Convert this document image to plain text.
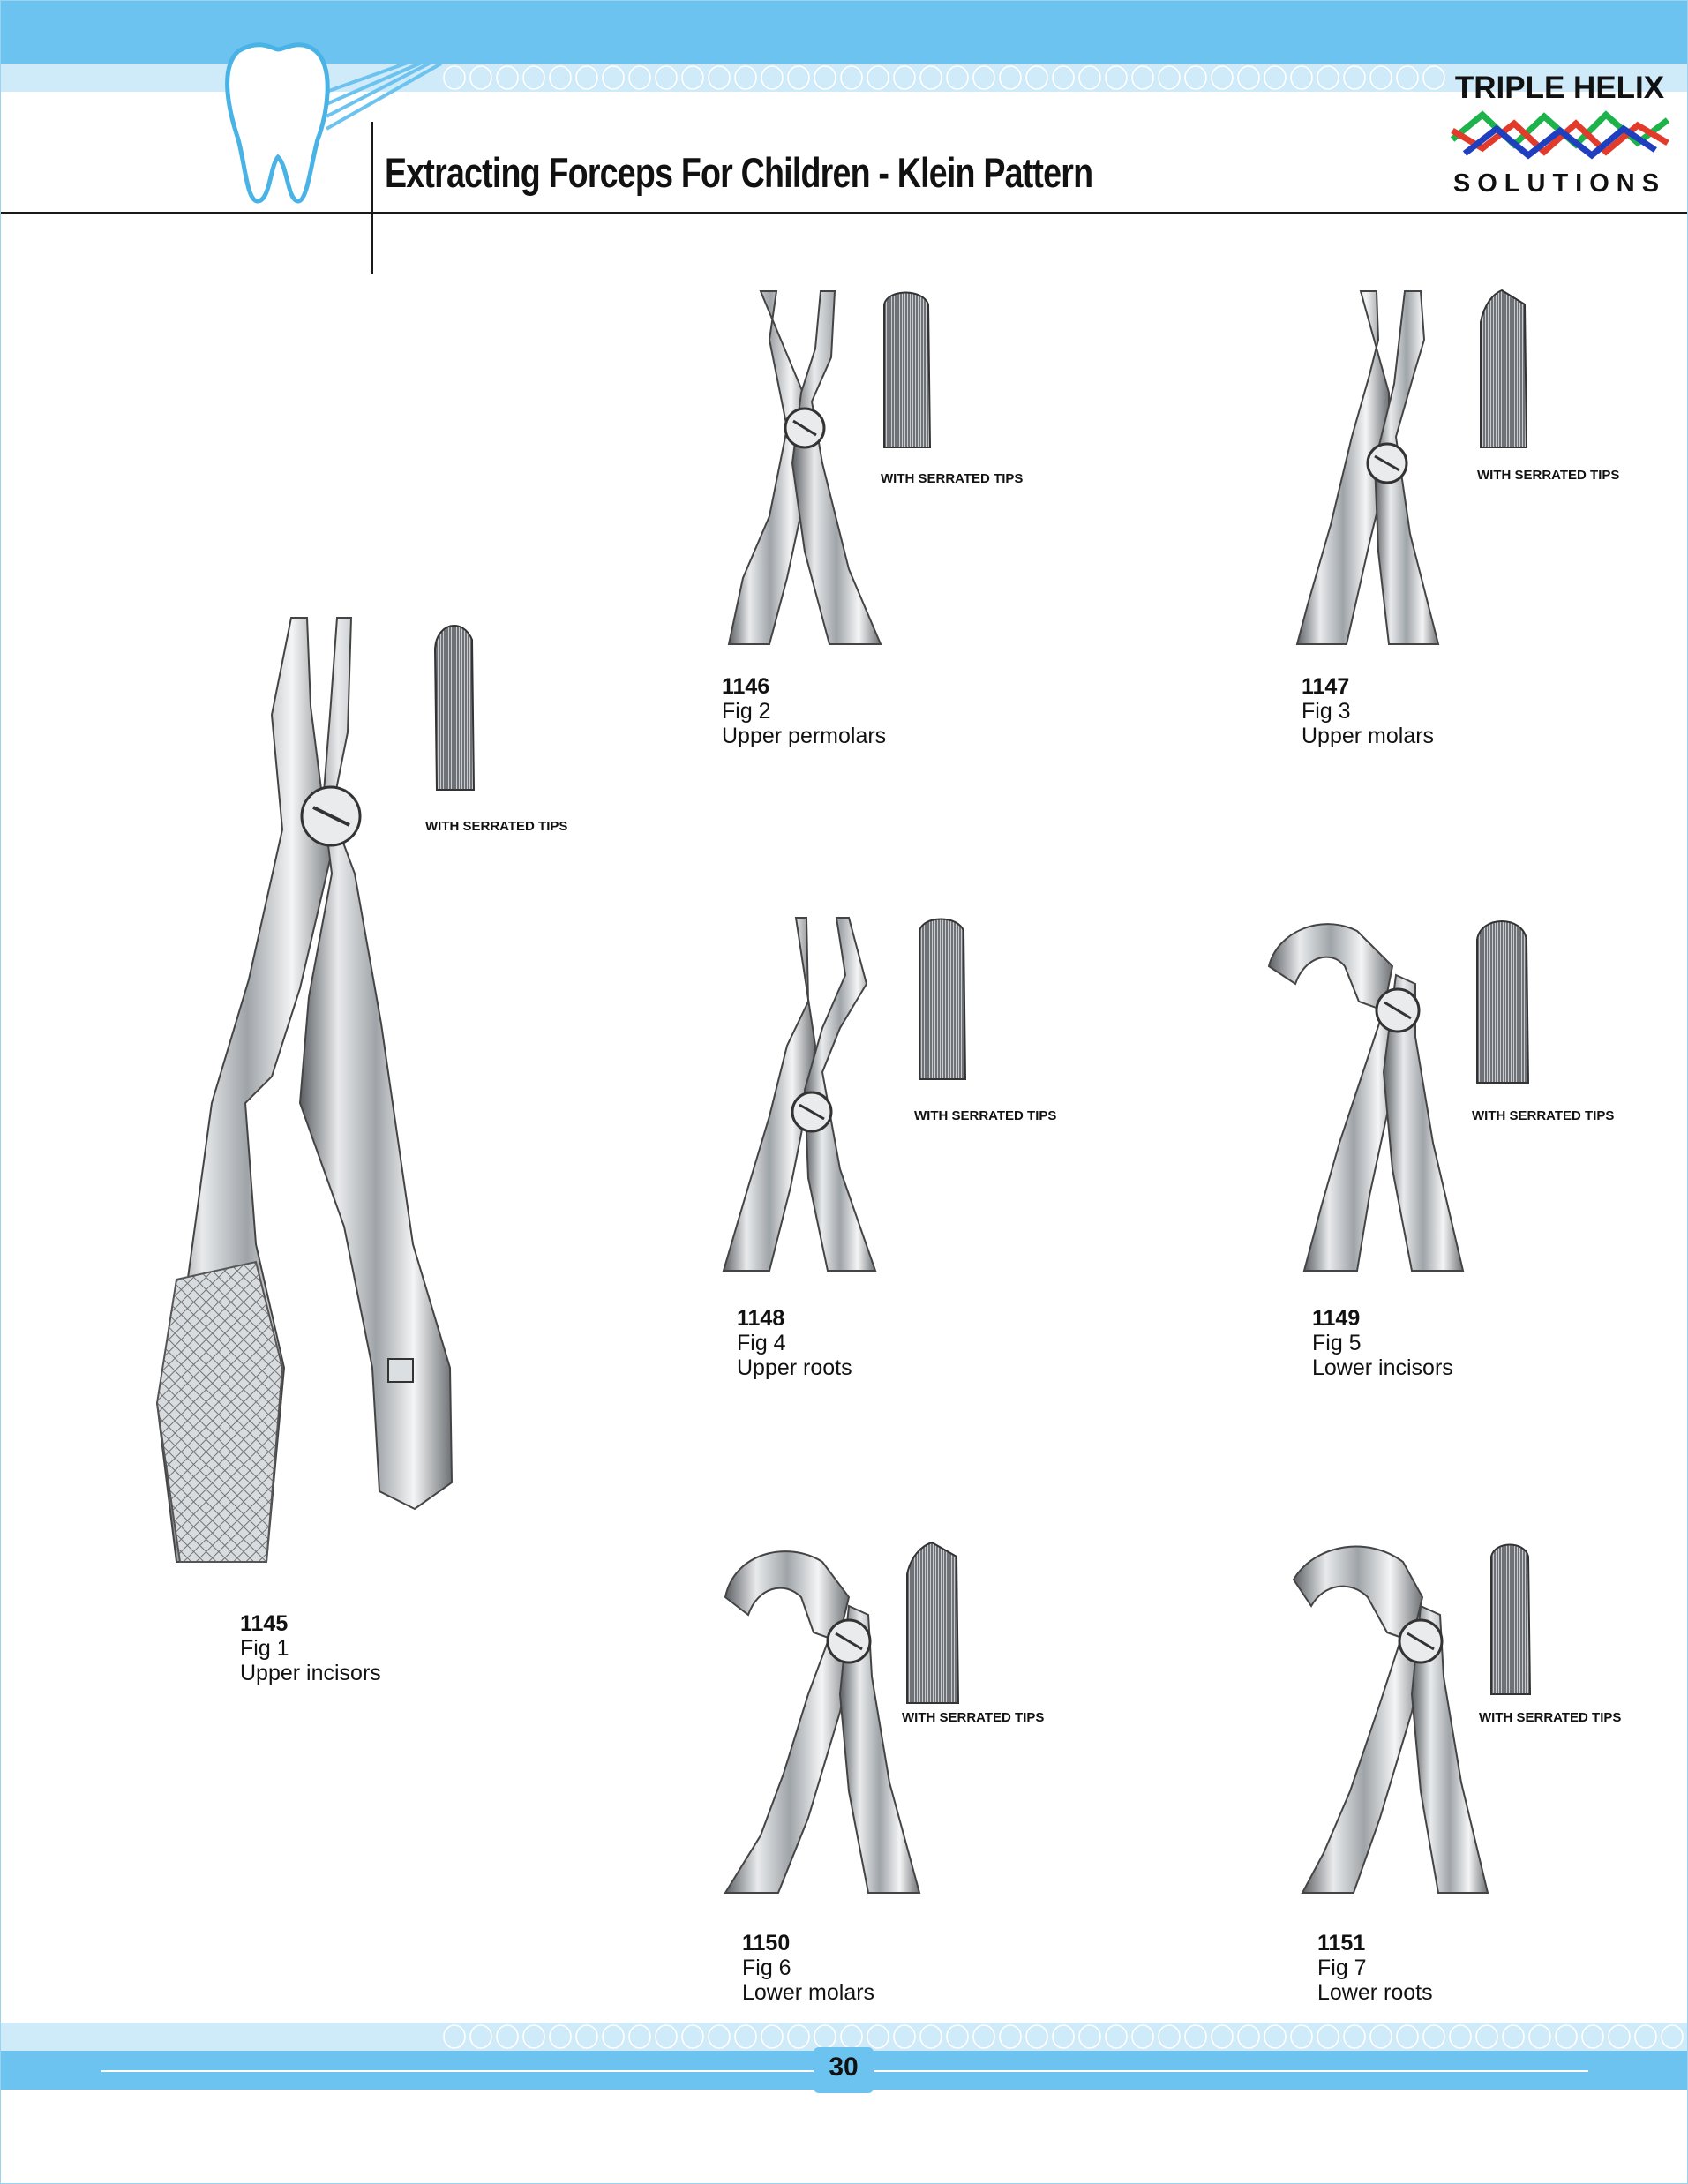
Extracting Forceps For Children - Klein Pattern
TRIPLE HELIX
SOLUTIONS
WITH SERRATED TIPS
1145
Fig 1
Upper incisors
WITH SERRATED TIPS
1146
Fig 2
Upper permolars
WITH SERRATED TIPS
1147
Fig 3
Upper molars
WITH SERRATED TIPS
1148
Fig 4
Upper roots
WITH SERRATED TIPS
1149
Fig 5
Lower incisors
WITH SERRATED TIPS
1150
Fig 6
Lower molars
WITH SERRATED TIPS
1151
Fig 7
Lower roots
30
